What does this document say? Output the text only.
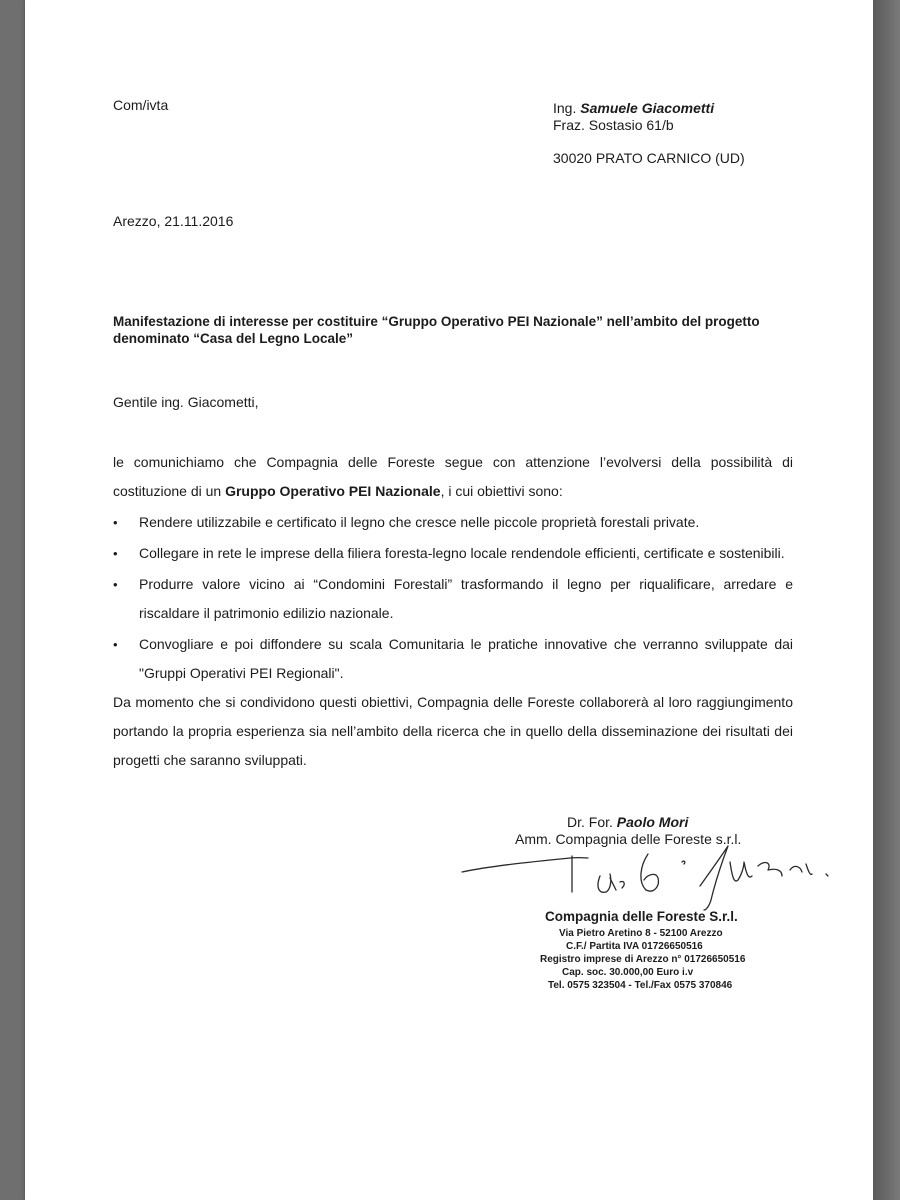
Com/ivta	Ing. Samuele Giacometti
Fraz. Sostasio 61/b
30020 PRATO CARNICO (UD)
Arezzo, 21.11.2016
Manifestazione di interesse per costituire “Gruppo Operativo PEI Nazionale” nell’ambito del progetto
denominato “Casa del Legno Locale”
Gentile ing. Giacometti,
le comunichiamo che Compagnia delle Foreste segue con attenzione l’evolversi della possibilità di costituzione di un Gruppo Operativo PEI Nazionale, i cui obiettivi sono:
• Rendere utilizzabile e certificato il legno che cresce nelle piccole proprietà forestali private.
• Collegare in rete le imprese della filiera foresta-legno locale rendendole efficienti, certificate e sostenibili.
• Produrre valore vicino ai “Condomini Forestali” trasformando il legno per riqualificare, arredare e riscaldare il patrimonio edilizio nazionale.
• Convogliare e poi diffondere su scala Comunitaria le pratiche innovative che verranno sviluppate dai "Gruppi Operativi PEI Regionali".
Da momento che si condividono questi obiettivi, Compagnia delle Foreste collaborerà al loro raggiungimento portando la propria esperienza sia nell’ambito della ricerca che in quello della disseminazione dei risultati dei progetti che saranno sviluppati.
Dr. For. Paolo Mori
Amm. Compagnia delle Foreste s.r.l.
Compagnia delle Foreste S.r.l.
Via Pietro Aretino 8 - 52100 Arezzo
C.F./ Partita IVA 01726650516
Registro imprese di Arezzo n° 01726650516
Cap. soc. 30.000,00 Euro i.v
Tel. 0575 323504 - Tel./Fax 0575 370846
